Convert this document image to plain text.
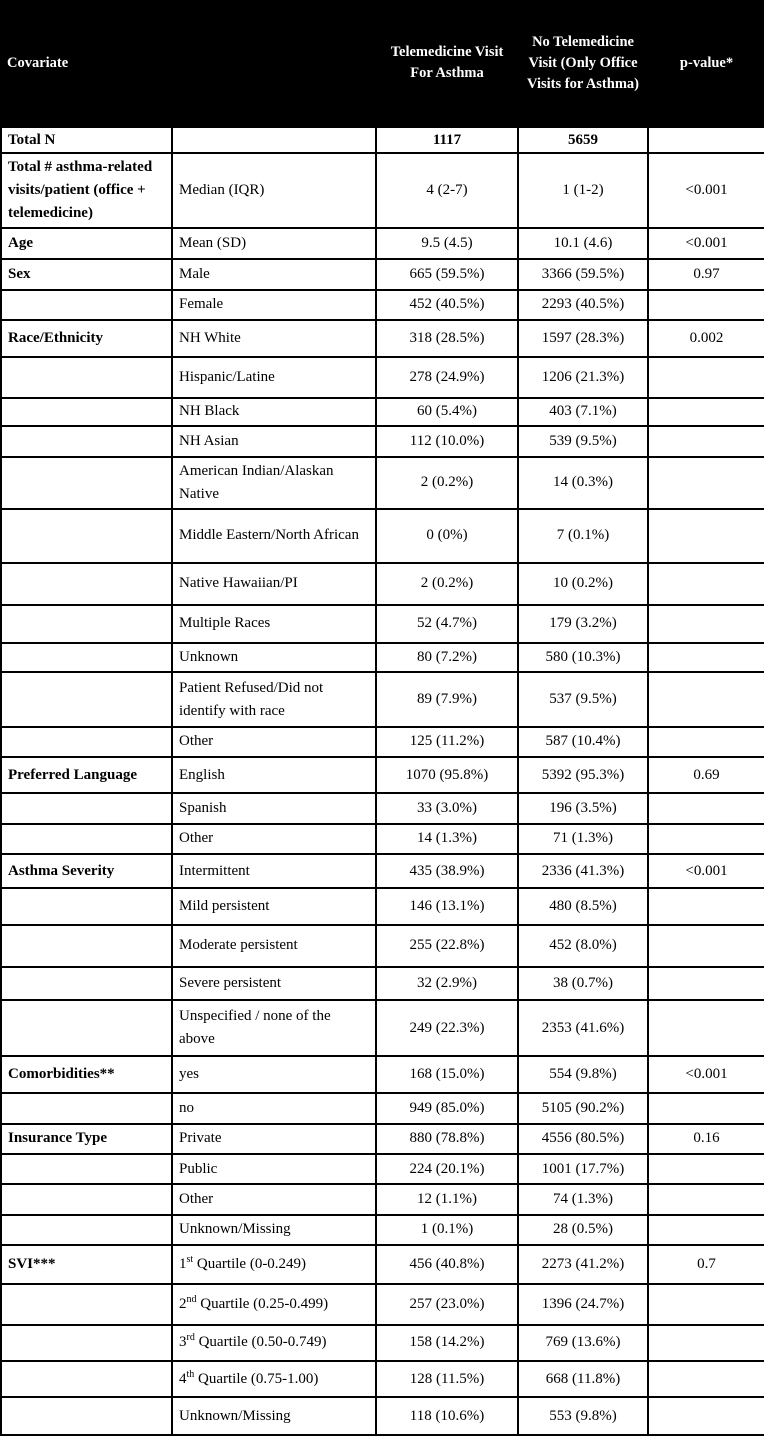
Covariate		Telemedicine Visit For Asthma	No Telemedicine Visit (Only Office Visits for Asthma)	p-value*
Total N		1117	5659	
Total # asthma-related visits/patient (office + telemedicine)	Median (IQR)	4 (2-7)	1 (1-2)	<0.001
Age	Mean (SD)	9.5 (4.5)	10.1 (4.6)	<0.001
Sex	Male	665 (59.5%)	3366 (59.5%)	0.97
	Female	452 (40.5%)	2293 (40.5%)	
Race/Ethnicity	NH White	318 (28.5%)	1597 (28.3%)	0.002
	Hispanic/Latine	278 (24.9%)	1206 (21.3%)	
	NH Black	60 (5.4%)	403 (7.1%)	
	NH Asian	112 (10.0%)	539 (9.5%)	
	American Indian/Alaskan Native	2 (0.2%)	14 (0.3%)	
	Middle Eastern/North African	0 (0%)	7 (0.1%)	
	Native Hawaiian/PI	2 (0.2%)	10 (0.2%)	
	Multiple Races	52 (4.7%)	179 (3.2%)	
	Unknown	80 (7.2%)	580 (10.3%)	
	Patient Refused/Did not identify with race	89 (7.9%)	537 (9.5%)	
	Other	125 (11.2%)	587 (10.4%)	
Preferred Language	English	1070 (95.8%)	5392 (95.3%)	0.69
	Spanish	33 (3.0%)	196 (3.5%)	
	Other	14 (1.3%)	71 (1.3%)	
Asthma Severity	Intermittent	435 (38.9%)	2336 (41.3%)	<0.001
	Mild persistent	146 (13.1%)	480 (8.5%)	
	Moderate persistent	255 (22.8%)	452 (8.0%)	
	Severe persistent	32 (2.9%)	38 (0.7%)	
	Unspecified / none of the above	249 (22.3%)	2353 (41.6%)	
Comorbidities**	yes	168 (15.0%)	554 (9.8%)	<0.001
	no	949 (85.0%)	5105 (90.2%)	
Insurance Type	Private	880 (78.8%)	4556 (80.5%)	0.16
	Public	224 (20.1%)	1001 (17.7%)	
	Other	12 (1.1%)	74 (1.3%)	
	Unknown/Missing	1 (0.1%)	28 (0.5%)	
SVI***	1st Quartile (0-0.249)	456 (40.8%)	2273 (41.2%)	0.7
	2nd Quartile (0.25-0.499)	257 (23.0%)	1396 (24.7%)	
	3rd Quartile (0.50-0.749)	158 (14.2%)	769 (13.6%)	
	4th Quartile (0.75-1.00)	128 (11.5%)	668 (11.8%)	
	Unknown/Missing	118 (10.6%)	553 (9.8%)	
